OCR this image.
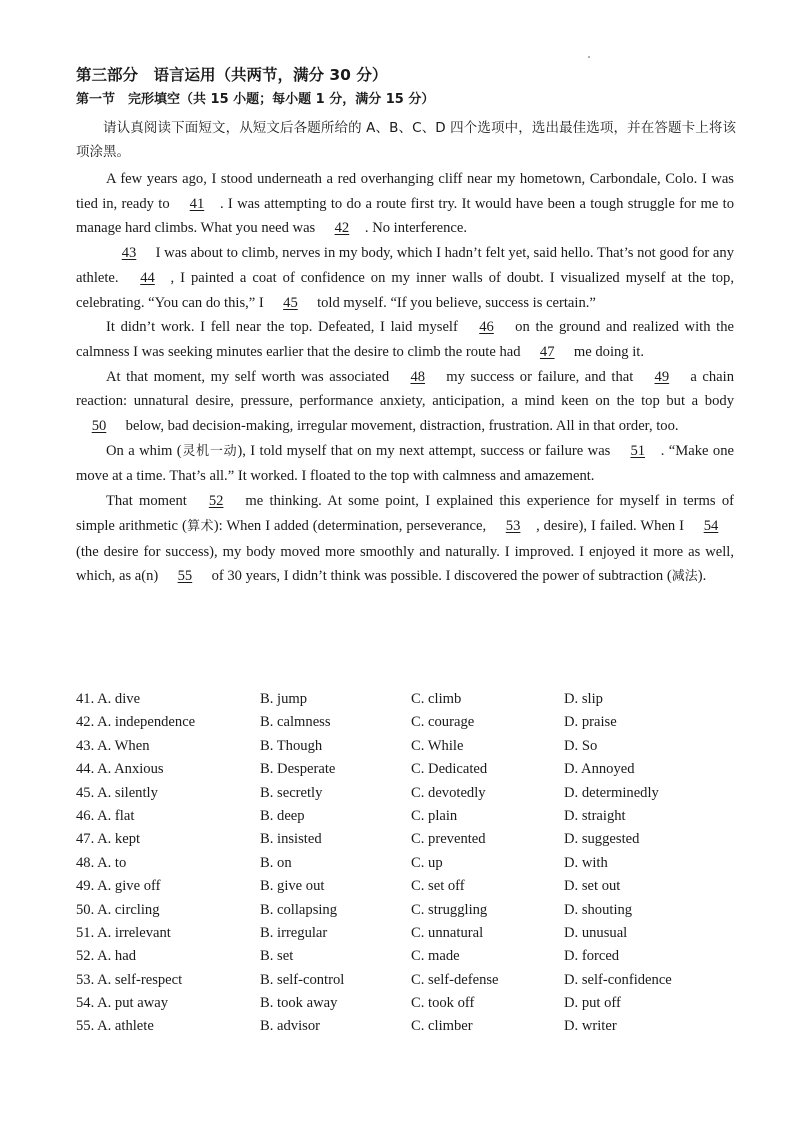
第三部分　语言运用（共两节，满分 30 分）
第一节　完形填空（共 15 小题；每小题 1 分，满分 15 分）
请认真阅读下面短文，从短文后各题所给的 A、B、C、D 四个选项中，选出最佳选项，并在答题卡上将该项涂黑。

A few years ago, I stood underneath a red overhanging cliff near my hometown, Carbondale, Colo. I was tied in, ready to 41 . I was attempting to do a route first try. It would have been a tough struggle for me to manage hard climbs. What you need was 42 . No interference.

43 I was about to climb, nerves in my body, which I hadn’t felt yet, said hello. That’s not good for any athlete. 44 , I painted a coat of confidence on my inner walls of doubt. I visualized myself at the top, celebrating. “You can do this,” I 45 told myself. “If you believe, success is certain.”

It didn’t work. I fell near the top. Defeated, I laid myself 46 on the ground and realized with the calmness I was seeking minutes earlier that the desire to climb the route had 47 me doing it.

At that moment, my self worth was associated 48 my success or failure, and that 49 a chain reaction: unnatural desire, pressure, performance anxiety, anticipation, a mind keen on the top but a body 50 below, bad decision-making, irregular movement, distraction, frustration. All in that order, too.

On a whim (灵机一动), I told myself that on my next attempt, success or failure was 51 . “Make one move at a time. That’s all.” It worked. I floated to the top with calmness and amazement.

That moment 52 me thinking. At some point, I explained this experience for myself in terms of simple arithmetic (算术): When I added (determination, perseverance, 53 , desire), I failed. When I 54 (the desire for success), my body moved more smoothly and naturally. I improved. I enjoyed it more as well, which, as a(n) 55 of 30 years, I didn’t think was possible. I discovered the power of subtraction (减法).

41. A. dive	B. jump	C. climb	D. slip
42. A. independence	B. calmness	C. courage	D. praise
43. A. When	B. Though	C. While	D. So
44. A. Anxious	B. Desperate	C. Dedicated	D. Annoyed
45. A. silently	B. secretly	C. devotedly	D. determinedly
46. A. flat	B. deep	C. plain	D. straight
47. A. kept	B. insisted	C. prevented	D. suggested
48. A. to	B. on	C. up	D. with
49. A. give off	B. give out	C. set off	D. set out
50. A. circling	B. collapsing	C. struggling	D. shouting
51. A. irrelevant	B. irregular	C. unnatural	D. unusual
52. A. had	B. set	C. made	D. forced
53. A. self-respect	B. self-control	C. self-defense	D. self-confidence
54. A. put away	B. took away	C. took off	D. put off
55. A. athlete	B. advisor	C. climber	D. writer
